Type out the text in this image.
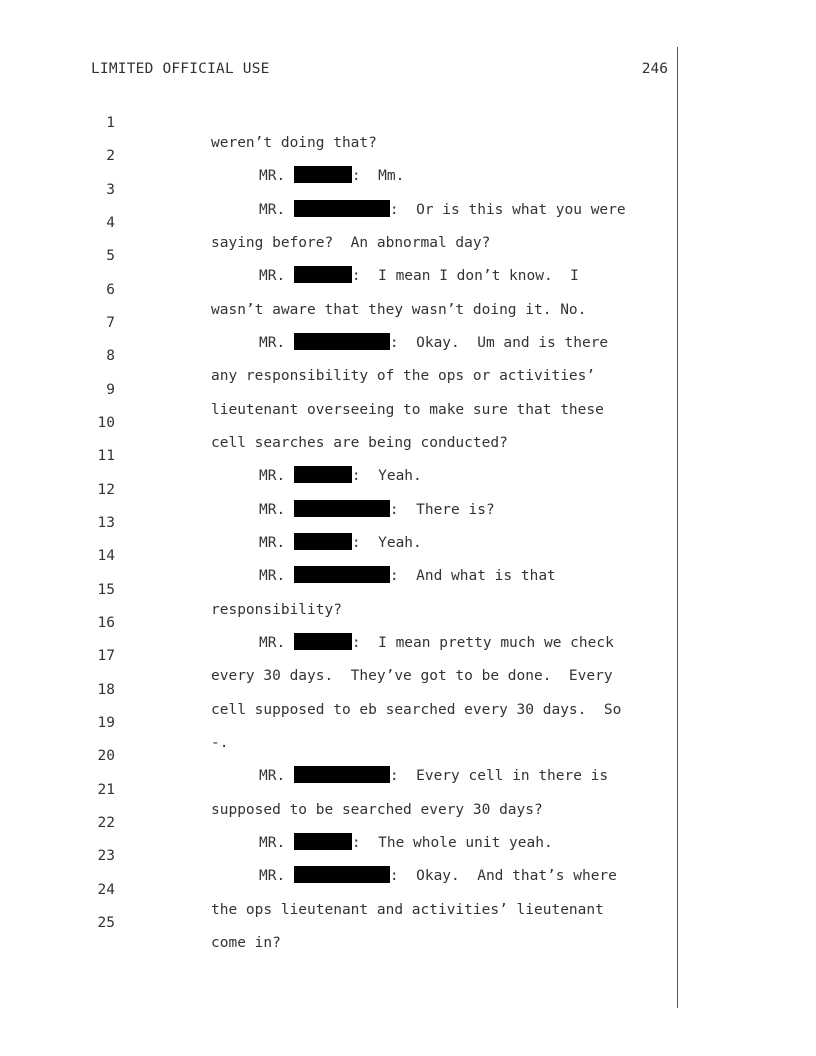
LIMITED OFFICIAL USE	246

1

weren’t doing that?

2

MR.	:  Mm.

3

MR.	:  Or is this what you were

4

saying before?  An abnormal day?

5

MR.	:  I mean I don’t know.  I

6

wasn’t aware that they wasn’t doing it. No.

7

MR.	:  Okay.  Um and is there

8

any responsibility of the ops or activities’

9

lieutenant overseeing to make sure that these

10

cell searches are being conducted?

11

MR.	:  Yeah.

12

MR.	:  There is?

13

MR.	:  Yeah.

14

MR.	:  And what is that

15

responsibility?

16

MR.	:  I mean pretty much we check

17

every 30 days.  They’ve got to be done.  Every

18

cell supposed to eb searched every 30 days.  So

19

-.

20

MR.	:  Every cell in there is

21

supposed to be searched every 30 days?

22

MR.	:  The whole unit yeah.

23

MR.	:  Okay.  And that’s where

24

the ops lieutenant and activities’ lieutenant

25

come in?
